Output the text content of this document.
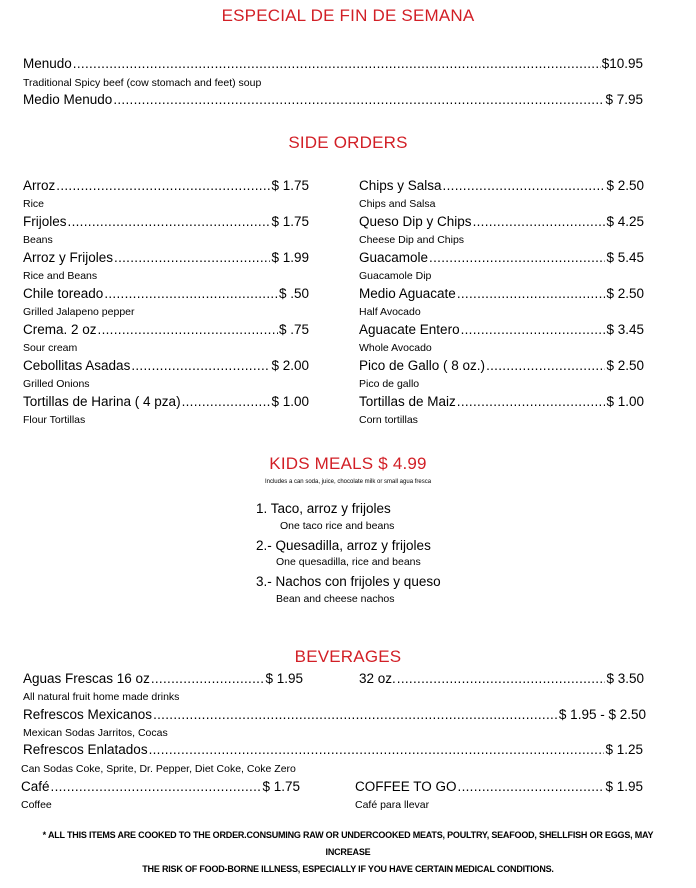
ESPECIAL DE FIN DE SEMANA
Menudo .....	$10.95
Traditional Spicy beef (cow stomach and feet) soup
Medio Menudo .....	$ 7.95
SIDE ORDERS
Arroz .....	$ 1.75
Rice
Frijoles .....	$ 1.75
Beans
Arroz y Frijoles .....	$ 1.99
Rice and Beans
Chile toreado .....	$ .50
Grilled Jalapeno pepper
Crema. 2 oz .....	$ .75
Sour cream
Cebollitas Asadas .....	$ 2.00
Grilled Onions
Tortillas de Harina ( 4 pza) .....	$ 1.00
Flour Tortillas
Chips y Salsa .....	$ 2.50
Chips and Salsa
Queso Dip y Chips .....	$ 4.25
Cheese Dip and Chips
Guacamole .....	$ 5.45
Guacamole Dip
Medio Aguacate .....	$ 2.50
Half Avocado
Aguacate Entero .....	$ 3.45
Whole Avocado
Pico de Gallo ( 8 oz.) .....	$ 2.50
Pico de gallo
Tortillas de Maiz .....	$ 1.00
Corn tortillas
KIDS MEALS $ 4.99
Includes a can soda, juice, chocolate milk or small agua fresca
1. Taco, arroz y frijoles
One taco rice and beans
2.- Quesadilla, arroz y frijoles
One quesadilla, rice and beans
3.- Nachos con frijoles y queso
Bean and cheese nachos
BEVERAGES
Aguas Frescas 16 oz .....	$ 1.95
All natural fruit home made drinks
32 oz. .....	$ 3.50
Refrescos Mexicanos .....	$ 1.95 - $ 2.50
Mexican Sodas Jarritos, Cocas
Refrescos Enlatados .....	$ 1.25
Can Sodas Coke, Sprite, Dr. Pepper, Diet Coke, Coke Zero
Café .....	$ 1.75
Coffee
COFFEE TO GO .....	$ 1.95
Café para llevar
* ALL THIS ITEMS ARE COOKED TO THE ORDER.CONSUMING RAW OR UNDERCOOKED MEATS, POULTRY, SEAFOOD, SHELLFISH OR EGGS, MAY INCREASE
THE RISK OF FOOD-BORNE ILLNESS, ESPECIALLY IF YOU HAVE CERTAIN MEDICAL CONDITIONS.
